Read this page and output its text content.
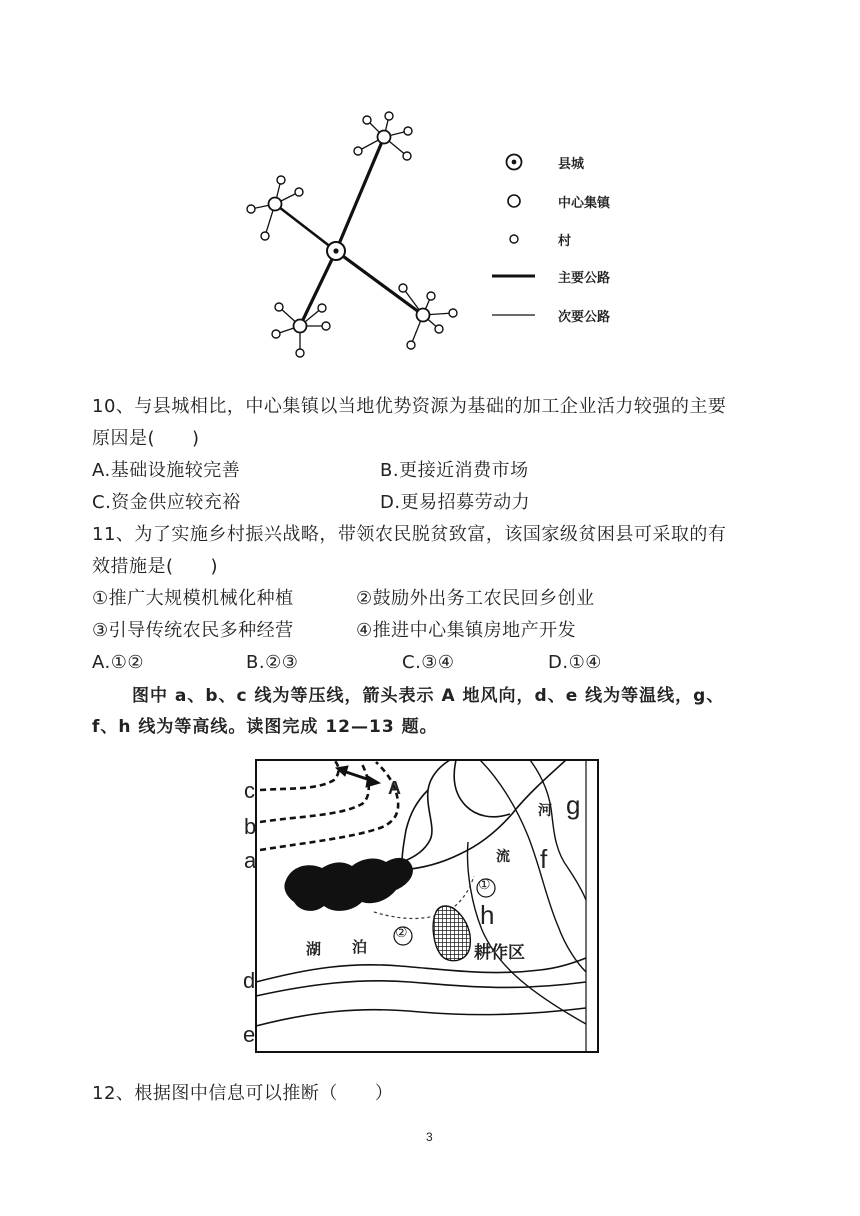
县城
中心集镇
村
主要公路
次要公路
10、与县城相比，中心集镇以当地优势资源为基础的加工企业活力较强的主要
原因是(　　)
A.基础设施较完善	B.更接近消费市场
C.资金供应较充裕	D.更易招募劳动力
11、为了实施乡村振兴战略，带领农民脱贫致富，该国家级贫困县可采取的有
效措施是(　　)
①推广大规模机械化种植	②鼓励外出务工农民回乡创业
③引导传统农民多种经营	④推进中心集镇房地产开发
A.①②	B.②③	C.③④	D.①④
图中 a、b、c 线为等压线，箭头表示 A 地风向，d、e 线为等温线，g、
f、h 线为等高线。读图完成 12—13 题。
c
b
a
A
g
f
h
d
e
①
②
湖 泊	耕作区
河
流
12、根据图中信息可以推断（　　）
3
